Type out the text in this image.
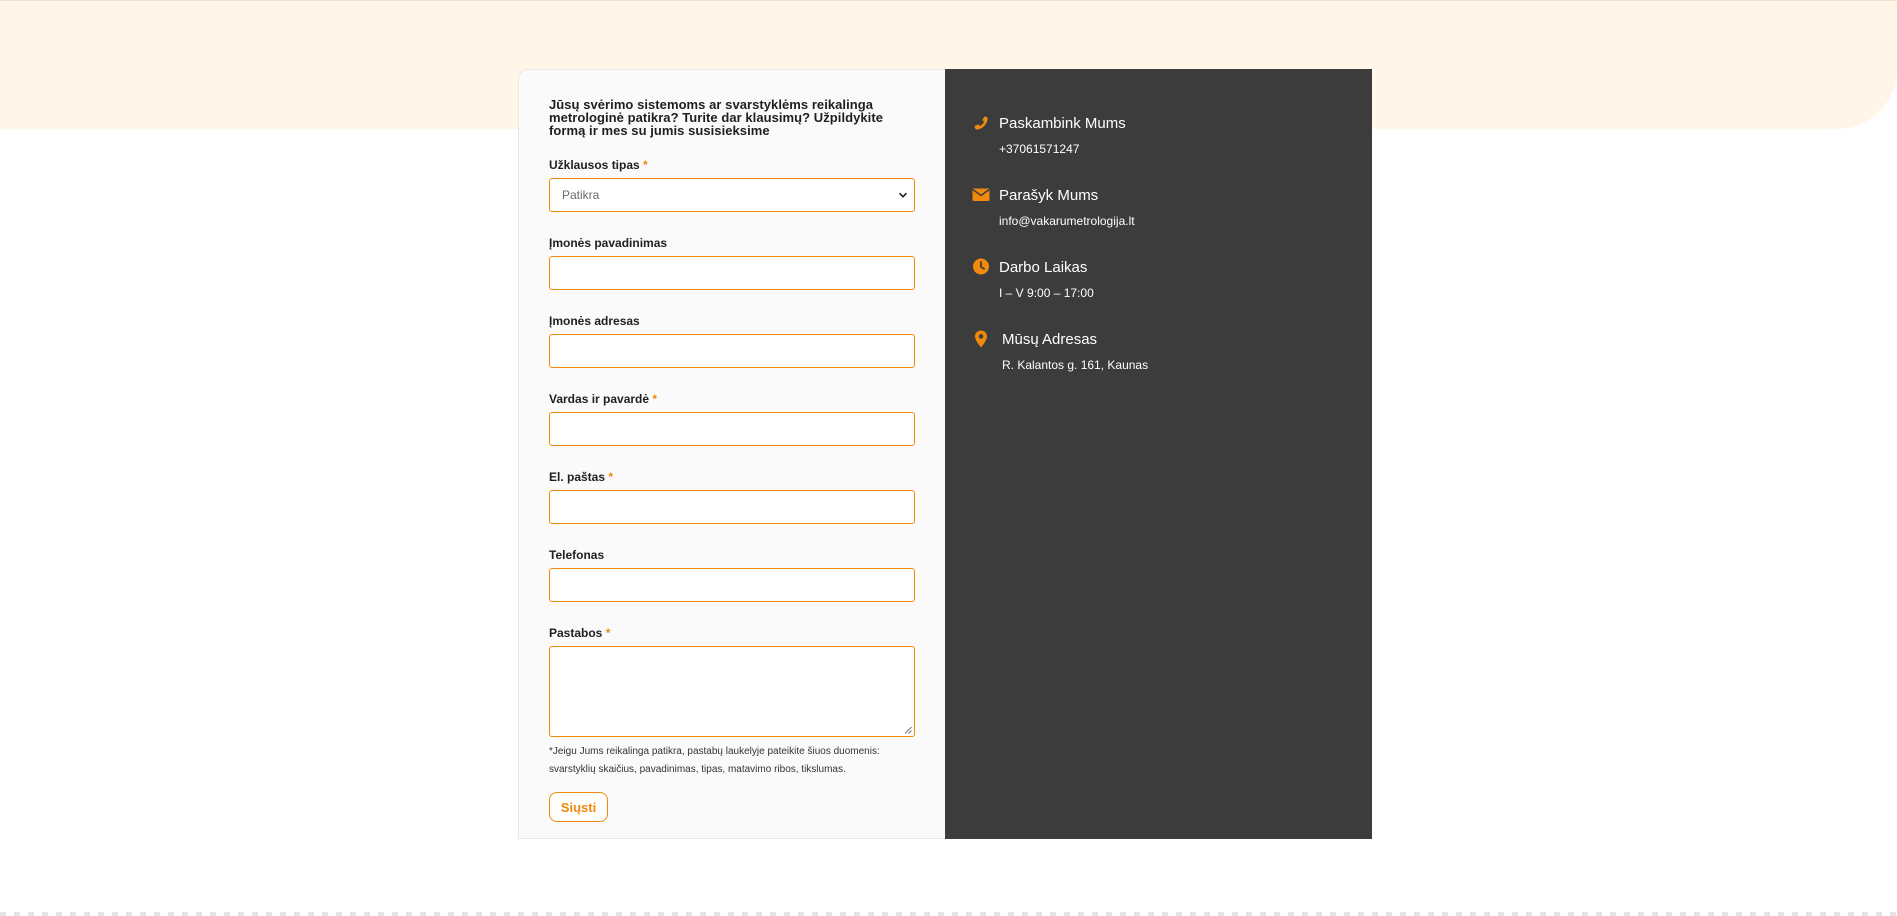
Jūsų svėrimo sistemoms ar svarstyklėms reikalinga metrologinė patikra? Turite dar klausimų? Užpildykite formą ir mes su jumis susisieksime

Užklausos tipas *
Patikra
Įmonės pavadinimas
Įmonės adresas
Vardas ir pavardė *
El. paštas *
Telefonas
Pastabos *
*Jeigu Jums reikalinga patikra, pastabų laukelyje pateikite šiuos duomenis: svarstyklių skaičius, pavadinimas, tipas, matavimo ribos, tikslumas.
Siųsti
Paskambink Mums
+37061571247
Parašyk Mums
info@vakarumetrologija.lt
Darbo Laikas
I – V 9:00 – 17:00
Mūsų Adresas
R. Kalantos g. 161, Kaunas
